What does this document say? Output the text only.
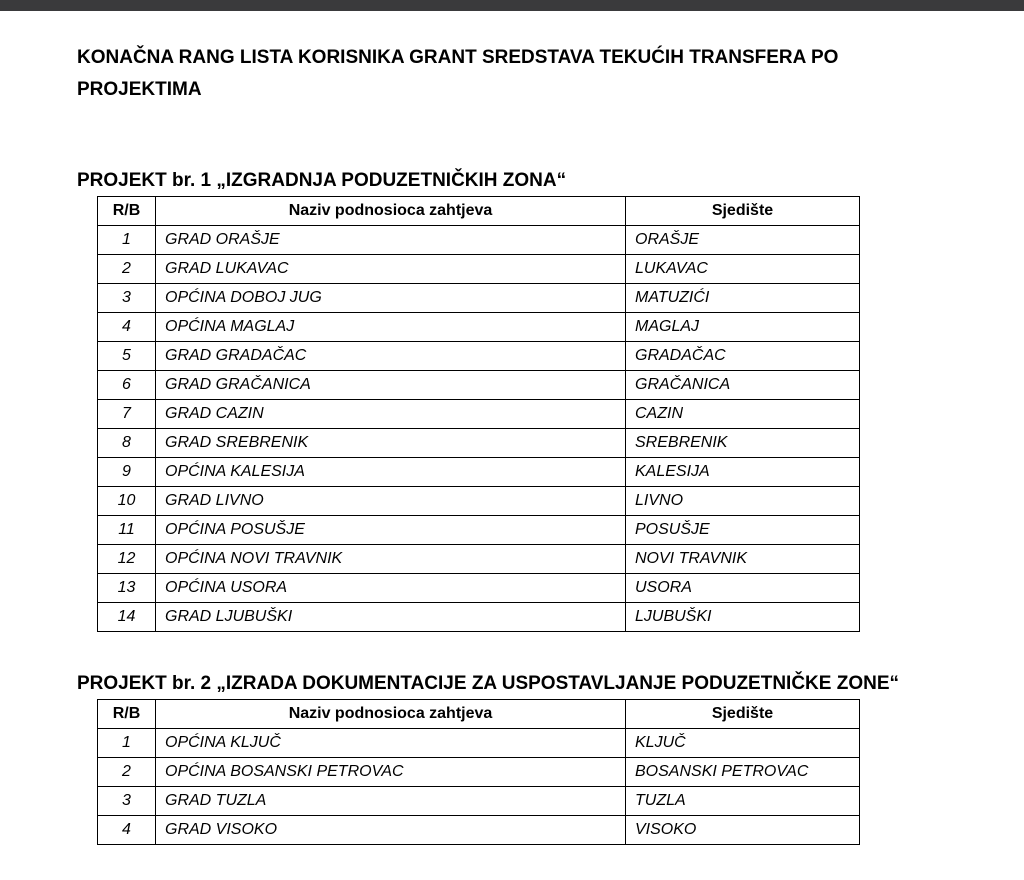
KONAČNA RANG LISTA KORISNIKA GRANT SREDSTAVA TEKUĆIH TRANSFERA PO PROJEKTIMA
PROJEKT br. 1 „IZGRADNJA PODUZETNIČKIH ZONA“
R/B	Naziv podnosioca zahtjeva	Sjedište
1	GRAD ORAŠJE	ORAŠJE
2	GRAD LUKAVAC	LUKAVAC
3	OPĆINA DOBOJ JUG	MATUZIĆI
4	OPĆINA MAGLAJ	MAGLAJ
5	GRAD GRADAČAC	GRADAČAC
6	GRAD GRAČANICA	GRAČANICA
7	GRAD CAZIN	CAZIN
8	GRAD SREBRENIK	SREBRENIK
9	OPĆINA KALESIJA	KALESIJA
10	GRAD LIVNO	LIVNO
11	OPĆINA POSUŠJE	POSUŠJE
12	OPĆINA NOVI TRAVNIK	NOVI TRAVNIK
13	OPĆINA USORA	USORA
14	GRAD LJUBUŠKI	LJUBUŠKI
PROJEKT br. 2 „IZRADA DOKUMENTACIJE ZA USPOSTAVLJANJE PODUZETNIČKE ZONE“
R/B	Naziv podnosioca zahtjeva	Sjedište
1	OPĆINA KLJUČ	KLJUČ
2	OPĆINA BOSANSKI PETROVAC	BOSANSKI PETROVAC
3	GRAD TUZLA	TUZLA
4	GRAD VISOKO	VISOKO
